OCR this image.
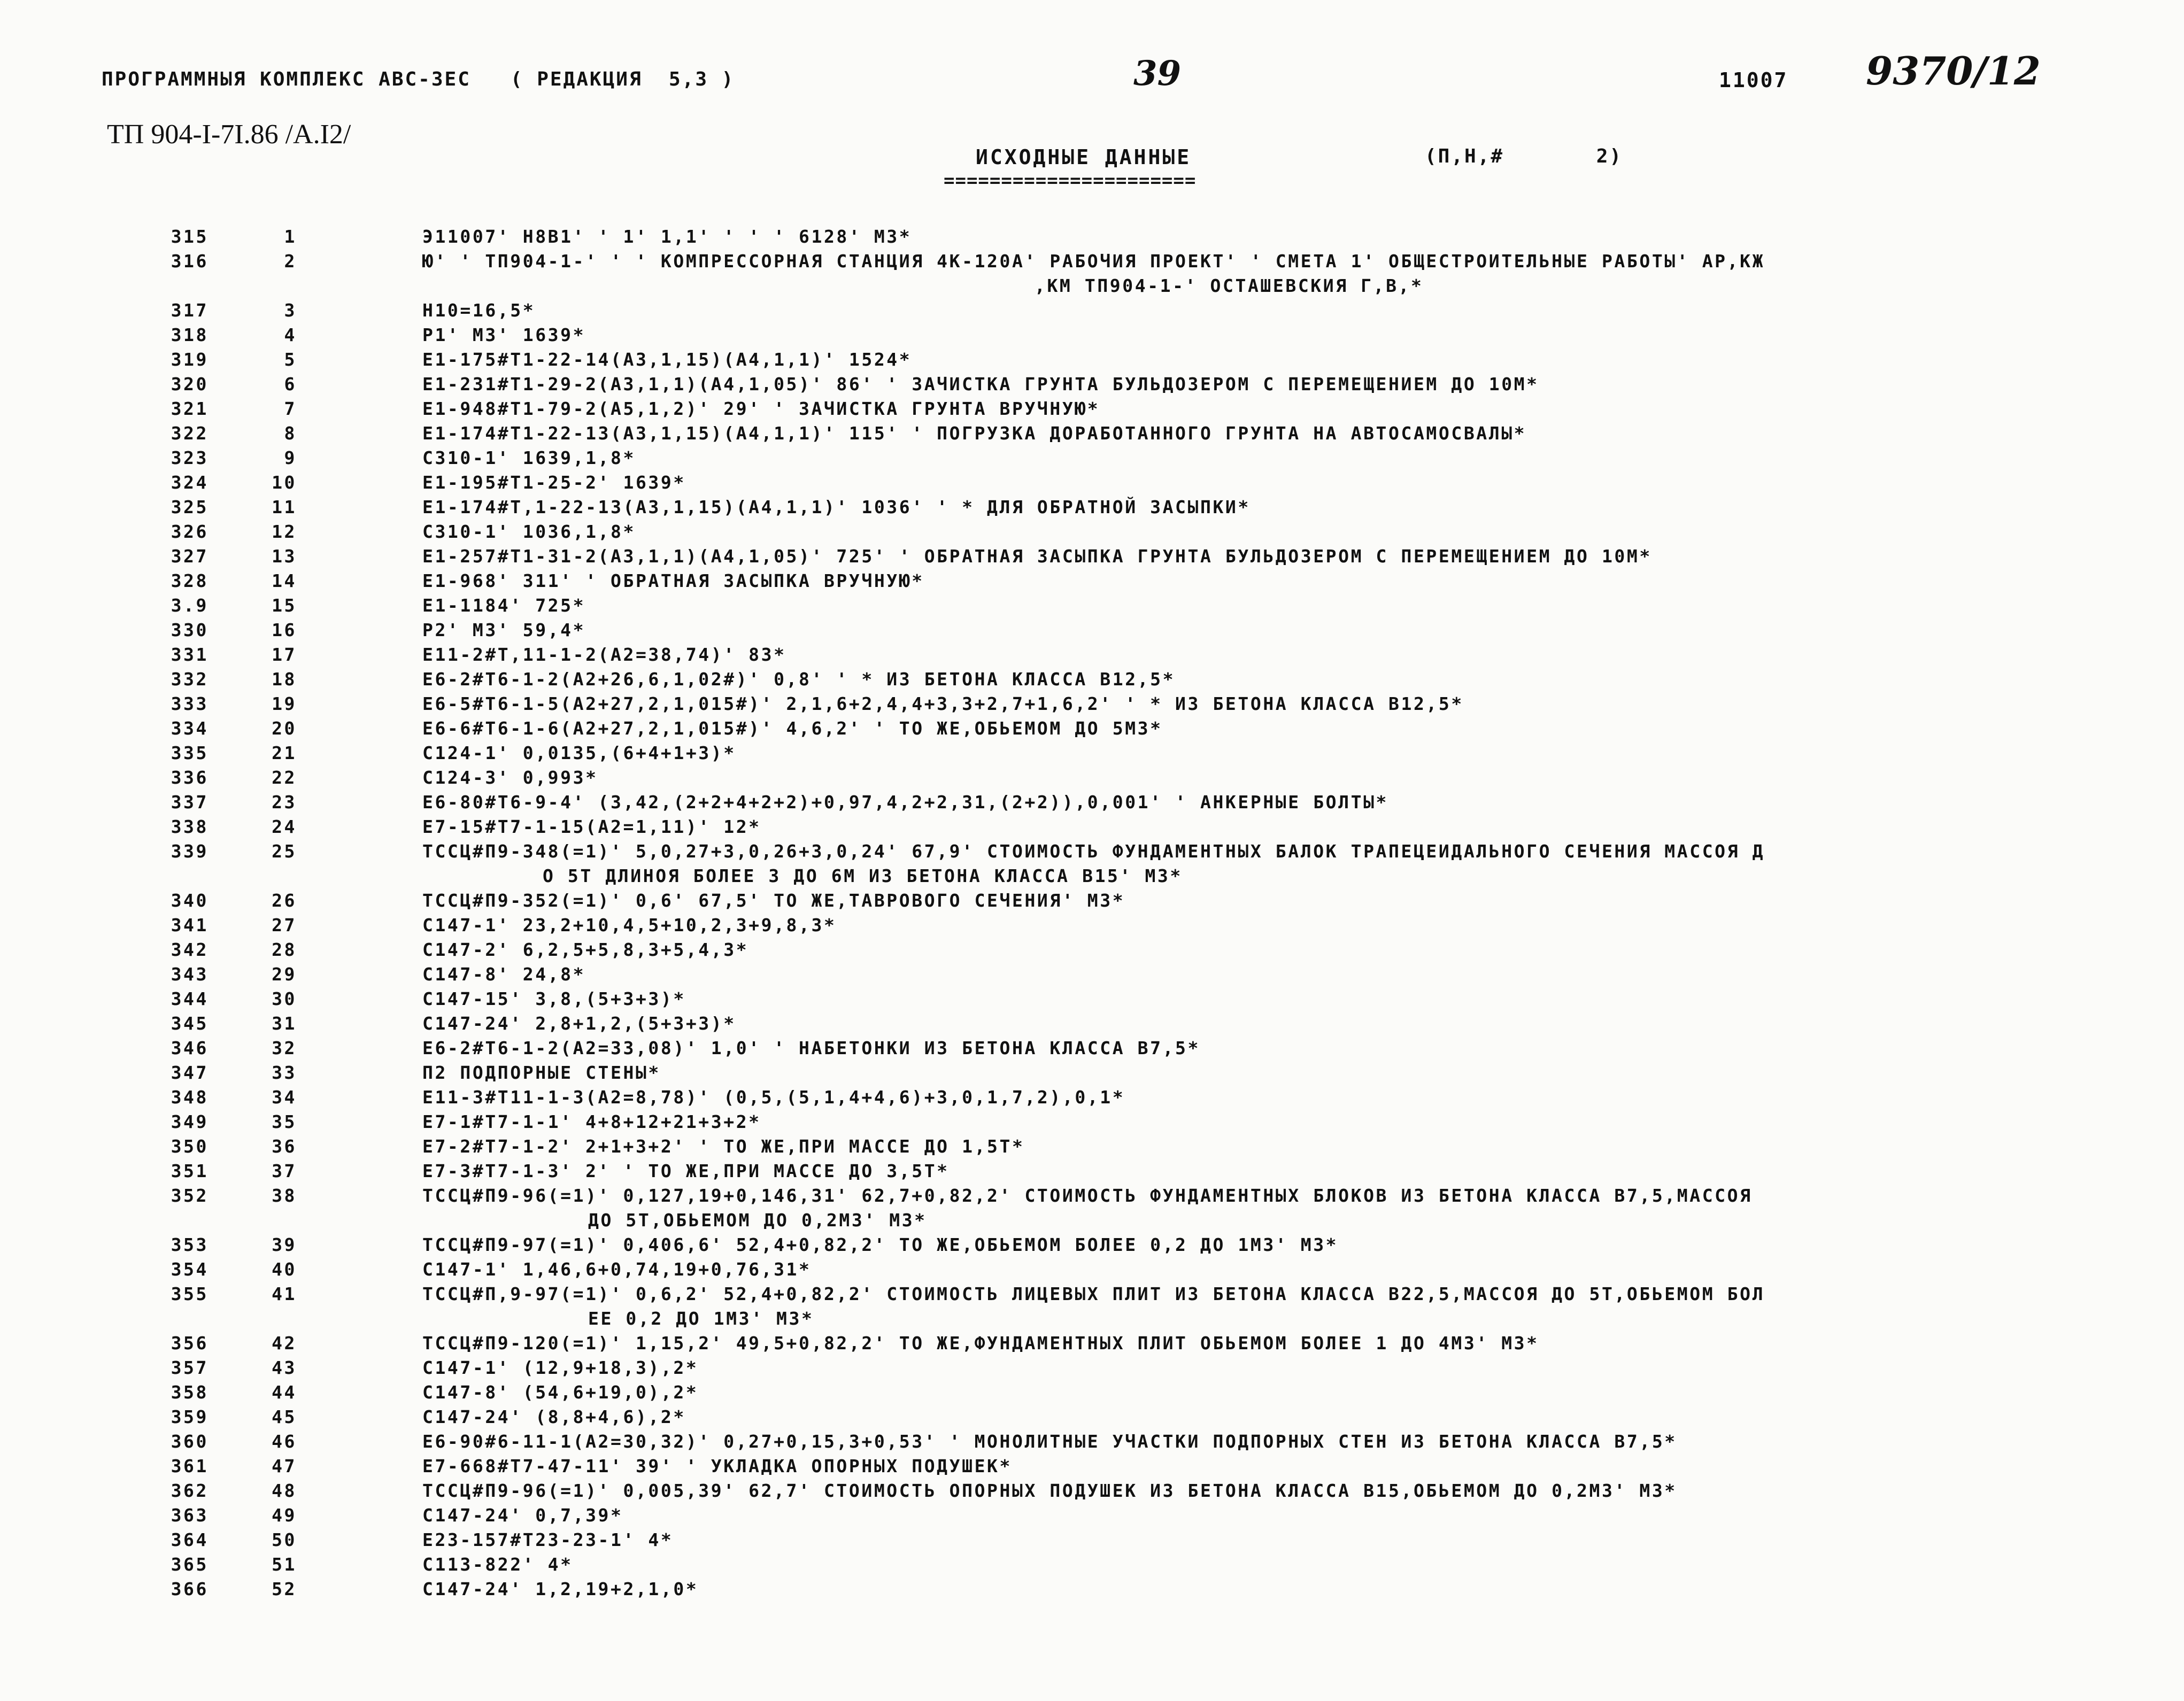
ПРОГРАММНЫЯ КОМПЛЕКС АВС-ЗЕС   ( РЕДАКЦИЯ  5,3 )	39	11007 9370/12
ТП 904-I-7I.86 /А.I2/
ИСХОДНЫЕ ДАННЫЕ	(П,Н,#       2)
======================
315	1	Э11007' Н8В1' ' 1' 1,1' ' ' ' 6128' М3*
316	2	Ю' ' ТП904-1-' ' ' КОМПРЕССОРНАЯ СТАНЦИЯ 4К-120А' РАБОЧИЯ ПРОЕКТ' ' СМЕТА 1' ОБЩЕСТРОИТЕЛЬНЫЕ РАБОТЫ' АР,КЖ
,КМ ТП904-1-' ОСТАШЕВСКИЯ Г,В,*
317	3	Н10=16,5*
318	4	Р1' М3' 1639*
319	5	Е1-175#Т1-22-14(А3,1,15)(А4,1,1)' 1524*
320	6	Е1-231#Т1-29-2(А3,1,1)(А4,1,05)' 86' ' ЗАЧИСТКА ГРУНТА БУЛЬДОЗЕРОМ С ПЕРЕМЕЩЕНИЕМ ДО 10М*
321	7	Е1-948#Т1-79-2(А5,1,2)' 29' ' ЗАЧИСТКА ГРУНТА ВРУЧНУЮ*
322	8	Е1-174#Т1-22-13(А3,1,15)(А4,1,1)' 115' ' ПОГРУЗКА ДОРАБОТАННОГО ГРУНТА НА АВТОСАМОСВАЛЫ*
323	9	С310-1' 1639,1,8*
324	10	Е1-195#Т1-25-2' 1639*
325	11	Е1-174#Т,1-22-13(А3,1,15)(А4,1,1)' 1036' ' * ДЛЯ ОБРАТНОЙ ЗАСЫПКИ*
326	12	С310-1' 1036,1,8*
327	13	Е1-257#Т1-31-2(А3,1,1)(А4,1,05)' 725' ' ОБРАТНАЯ ЗАСЫПКА ГРУНТА БУЛЬДОЗЕРОМ С ПЕРЕМЕЩЕНИЕМ ДО 10М*
328	14	Е1-968' 311' ' ОБРАТНАЯ ЗАСЫПКА ВРУЧНУЮ*
3.9	15	Е1-1184' 725*
330	16	Р2' М3' 59,4*
331	17	Е11-2#Т,11-1-2(А2=38,74)' 83*
332	18	Е6-2#Т6-1-2(А2+26,6,1,02#)' 0,8' ' * ИЗ БЕТОНА КЛАССА В12,5*
333	19	Е6-5#Т6-1-5(А2+27,2,1,015#)' 2,1,6+2,4,4+3,3+2,7+1,6,2' ' * ИЗ БЕТОНА КЛАССА В12,5*
334	20	Е6-6#Т6-1-6(А2+27,2,1,015#)' 4,6,2' ' ТО ЖЕ,ОБЬЕМОМ ДО 5М3*
335	21	С124-1' 0,0135,(6+4+1+3)*
336	22	С124-3' 0,993*
337	23	Е6-80#Т6-9-4' (3,42,(2+2+4+2+2)+0,97,4,2+2,31,(2+2)),0,001' ' АНКЕРНЫЕ БОЛТЫ*
338	24	Е7-15#Т7-1-15(А2=1,11)' 12*
339	25	ТССЦ#П9-348(=1)' 5,0,27+3,0,26+3,0,24' 67,9' СТОИМОСТЬ ФУНДАМЕНТНЫХ БАЛОК ТРАПЕЦЕИДАЛЬНОГО СЕЧЕНИЯ МАССОЯ Д
О 5Т ДЛИНОЯ БОЛЕЕ 3 ДО 6М ИЗ БЕТОНА КЛАССА В15' М3*
340	26	ТССЦ#П9-352(=1)' 0,6' 67,5' ТО ЖЕ,ТАВРОВОГО СЕЧЕНИЯ' М3*
341	27	С147-1' 23,2+10,4,5+10,2,3+9,8,3*
342	28	С147-2' 6,2,5+5,8,3+5,4,3*
343	29	С147-8' 24,8*
344	30	С147-15' 3,8,(5+3+3)*
345	31	С147-24' 2,8+1,2,(5+3+3)*
346	32	Е6-2#Т6-1-2(А2=33,08)' 1,0' ' НАБЕТОНКИ ИЗ БЕТОНА КЛАССА В7,5*
347	33	П2 ПОДПОРНЫЕ СТЕНЫ*
348	34	Е11-3#Т11-1-3(А2=8,78)' (0,5,(5,1,4+4,6)+3,0,1,7,2),0,1*
349	35	Е7-1#Т7-1-1' 4+8+12+21+3+2*
350	36	Е7-2#Т7-1-2' 2+1+3+2' ' ТО ЖЕ,ПРИ МАССЕ ДО 1,5Т*
351	37	Е7-3#Т7-1-3' 2' ' ТО ЖЕ,ПРИ МАССЕ ДО 3,5Т*
352	38	ТССЦ#П9-96(=1)' 0,127,19+0,146,31' 62,7+0,82,2' СТОИМОСТЬ ФУНДАМЕНТНЫХ БЛОКОВ ИЗ БЕТОНА КЛАССА В7,5,МАССОЯ
ДО 5Т,ОБЬЕМОМ ДО 0,2М3' М3*
353	39	ТССЦ#П9-97(=1)' 0,406,6' 52,4+0,82,2' ТО ЖЕ,ОБЬЕМОМ БОЛЕЕ 0,2 ДО 1М3' М3*
354	40	С147-1' 1,46,6+0,74,19+0,76,31*
355	41	ТССЦ#П,9-97(=1)' 0,6,2' 52,4+0,82,2' СТОИМОСТЬ ЛИЦЕВЫХ ПЛИТ ИЗ БЕТОНА КЛАССА В22,5,МАССОЯ ДО 5Т,ОБЬЕМОМ БОЛ
ЕЕ 0,2 ДО 1М3' М3*
356	42	ТССЦ#П9-120(=1)' 1,15,2' 49,5+0,82,2' ТО ЖЕ,ФУНДАМЕНТНЫХ ПЛИТ ОБЬЕМОМ БОЛЕЕ 1 ДО 4М3' М3*
357	43	С147-1' (12,9+18,3),2*
358	44	С147-8' (54,6+19,0),2*
359	45	С147-24' (8,8+4,6),2*
360	46	Е6-90#6-11-1(А2=30,32)' 0,27+0,15,3+0,53' ' МОНОЛИТНЫЕ УЧАСТКИ ПОДПОРНЫХ СТЕН ИЗ БЕТОНА КЛАССА В7,5*
361	47	Е7-668#Т7-47-11' 39' ' УКЛАДКА ОПОРНЫХ ПОДУШЕК*
362	48	ТССЦ#П9-96(=1)' 0,005,39' 62,7' СТОИМОСТЬ ОПОРНЫХ ПОДУШЕК ИЗ БЕТОНА КЛАССА В15,ОБЬЕМОМ ДО 0,2М3' М3*
363	49	С147-24' 0,7,39*
364	50	Е23-157#Т23-23-1' 4*
365	51	С113-822' 4*
366	52	С147-24' 1,2,19+2,1,0*
